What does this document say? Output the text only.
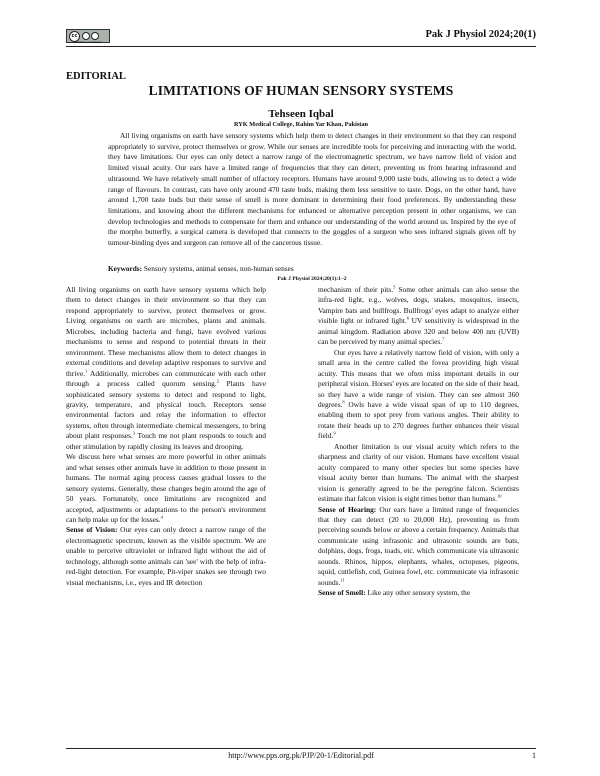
cc
creative commons
Pak J Physiol 2024;20(1)
EDITORIAL
LIMITATIONS OF HUMAN SENSORY SYSTEMS
Tehseen Iqbal
RYK Medical College, Rahim Yar Khan, Pakistan
All living organisms on earth have sensory systems which help them to detect changes in their environment so that they can respond appropriately to survive, protect themselves or grow. While our senses are incredible tools for perceiving and interacting with the world, they have limitations. Our eyes can only detect a narrow range of the electromagnetic spectrum, we have narrow field of vision and limited visual acuity. Our ears have a limited range of frequencies that they can detect, preventing us from hearing infrasound and ultrasound. We have relatively small number of olfactory receptors. Humans have around 9,000 taste buds, allowing us to detect a wide range of flavours. In contrast, cats have only around 470 taste buds, making them less sensitive to taste. Dogs, on the other hand, have around 1,700 taste buds but their sense of smell is more dominant in determining their food preferences. By understanding these limitations, and knowing about the different mechanisms for enhanced or alternative perception present in other organisms, we can develop technologies and methods to compensate for them and enhance our understanding of the world around us. Inspired by the eye of the morpho butterfly, a surgical camera is developed that connects to the goggles of a surgeon who sees infrared signals given off by tumour-binding dyes and surgeon can remove all of the cancerous tissue.
Keywords: Sensory systems, animal senses, non-human senses
Pak J Physiol 2024;20(1):1–2

All living organisms on earth have sensory systems which help them to detect changes in their environment so that they can respond appropriately to survive, protect themselves or grow. Living organisms on earth are microbes, plants and animals. Microbes, including bacteria and fungi, have evolved various mechanisms to sense and respond to potential threats in their environment. These mechanisms allow them to detect changes in external conditions and develop adaptive responses to survive and thrive.$^1$ Additionally, microbes can communicate with each other through a process called quorum sensing.$^2$ Plants have sophisticated sensory systems to detect and respond to light, gravity, temperature, and physical touch. Receptors sense environmental factors and relay the information to effector systems, often through intermediate chemical messengers, to bring about plant responses.$^3$ Touch me not plant responds to touch and other stimulation by rapidly closing its leaves and drooping.

We discuss here what senses are more powerful in other animals and what senses other animals have in addition to those present in humans. The normal aging process causes gradual losses to the sensory systems. Generally, these changes begin around the age of 50 years. Fortunately, once limitations are recognized and accepted, adjustments or adaptations to the person's environment can help make up for the losses.$^4$

Sense of Vision: Our eyes can only detect a narrow range of the electromagnetic spectrum, known as the visible spectrum. We are unable to perceive ultraviolet or infrared light without the aid of technology, although some animals can 'see' with the help of infra-red-light detection. For example, Pit-viper snakes see through two visual mechanisms, i.e., eyes and IR detection

mechanism of their pits.$^5$ Some other animals can also sense the infra-red light, e.g., wolves, dogs, snakes, mosquitos, insects, Vampire bats and bullfrogs. Bullfrogs' eyes adapt to analyze either visible light or infrared light.$^6$ UV sensitivity is widespread in the animal kingdom. Radiation above 320 and below 400 nm (UVB) can be perceived by many animal species.$^7$

Our eyes have a relatively narrow field of vision, with only a small area in the centre called the fovea providing high visual acuity. This means that we often miss important details in our peripheral vision. Horses' eyes are located on the side of their head, so they have a wide range of vision. They can see almost 360 degrees.$^8$ Owls have a wide visual span of up to 110 degrees, enabling them to spot prey from various angles. Their ability to rotate their heads up to 270 degrees further enhances their visual field.$^9$

Another limitation is our visual acuity which refers to the sharpness and clarity of our vision. Humans have excellent visual acuity compared to many other species but some species have visual acuity better than humans. The animal with the sharpest vision is generally agreed to be the peregrine falcon. Scientists estimate that falcon vision is eight times better than humans.$^{10}$

Sense of Hearing: Our ears have a limited range of frequencies that they can detect (20 to 20,000 Hz), preventing us from perceiving sounds below or above a certain frequency. Animals that communicate using infrasonic and ultrasonic sounds are bats, dolphins, dogs, frogs, toads, etc. which communicate via ultrasonic sounds. Rhinos, hippos, elephants, whales, octopuses, pigeons, squid, cuttlefish, cod, Guinea fowl, etc. communicate via infrasonic sounds.$^{11}$

Sense of Smell: Like any other sensory system, the

http://www.pps.org.pk/PJP/20-1/Editorial.pdf	1
